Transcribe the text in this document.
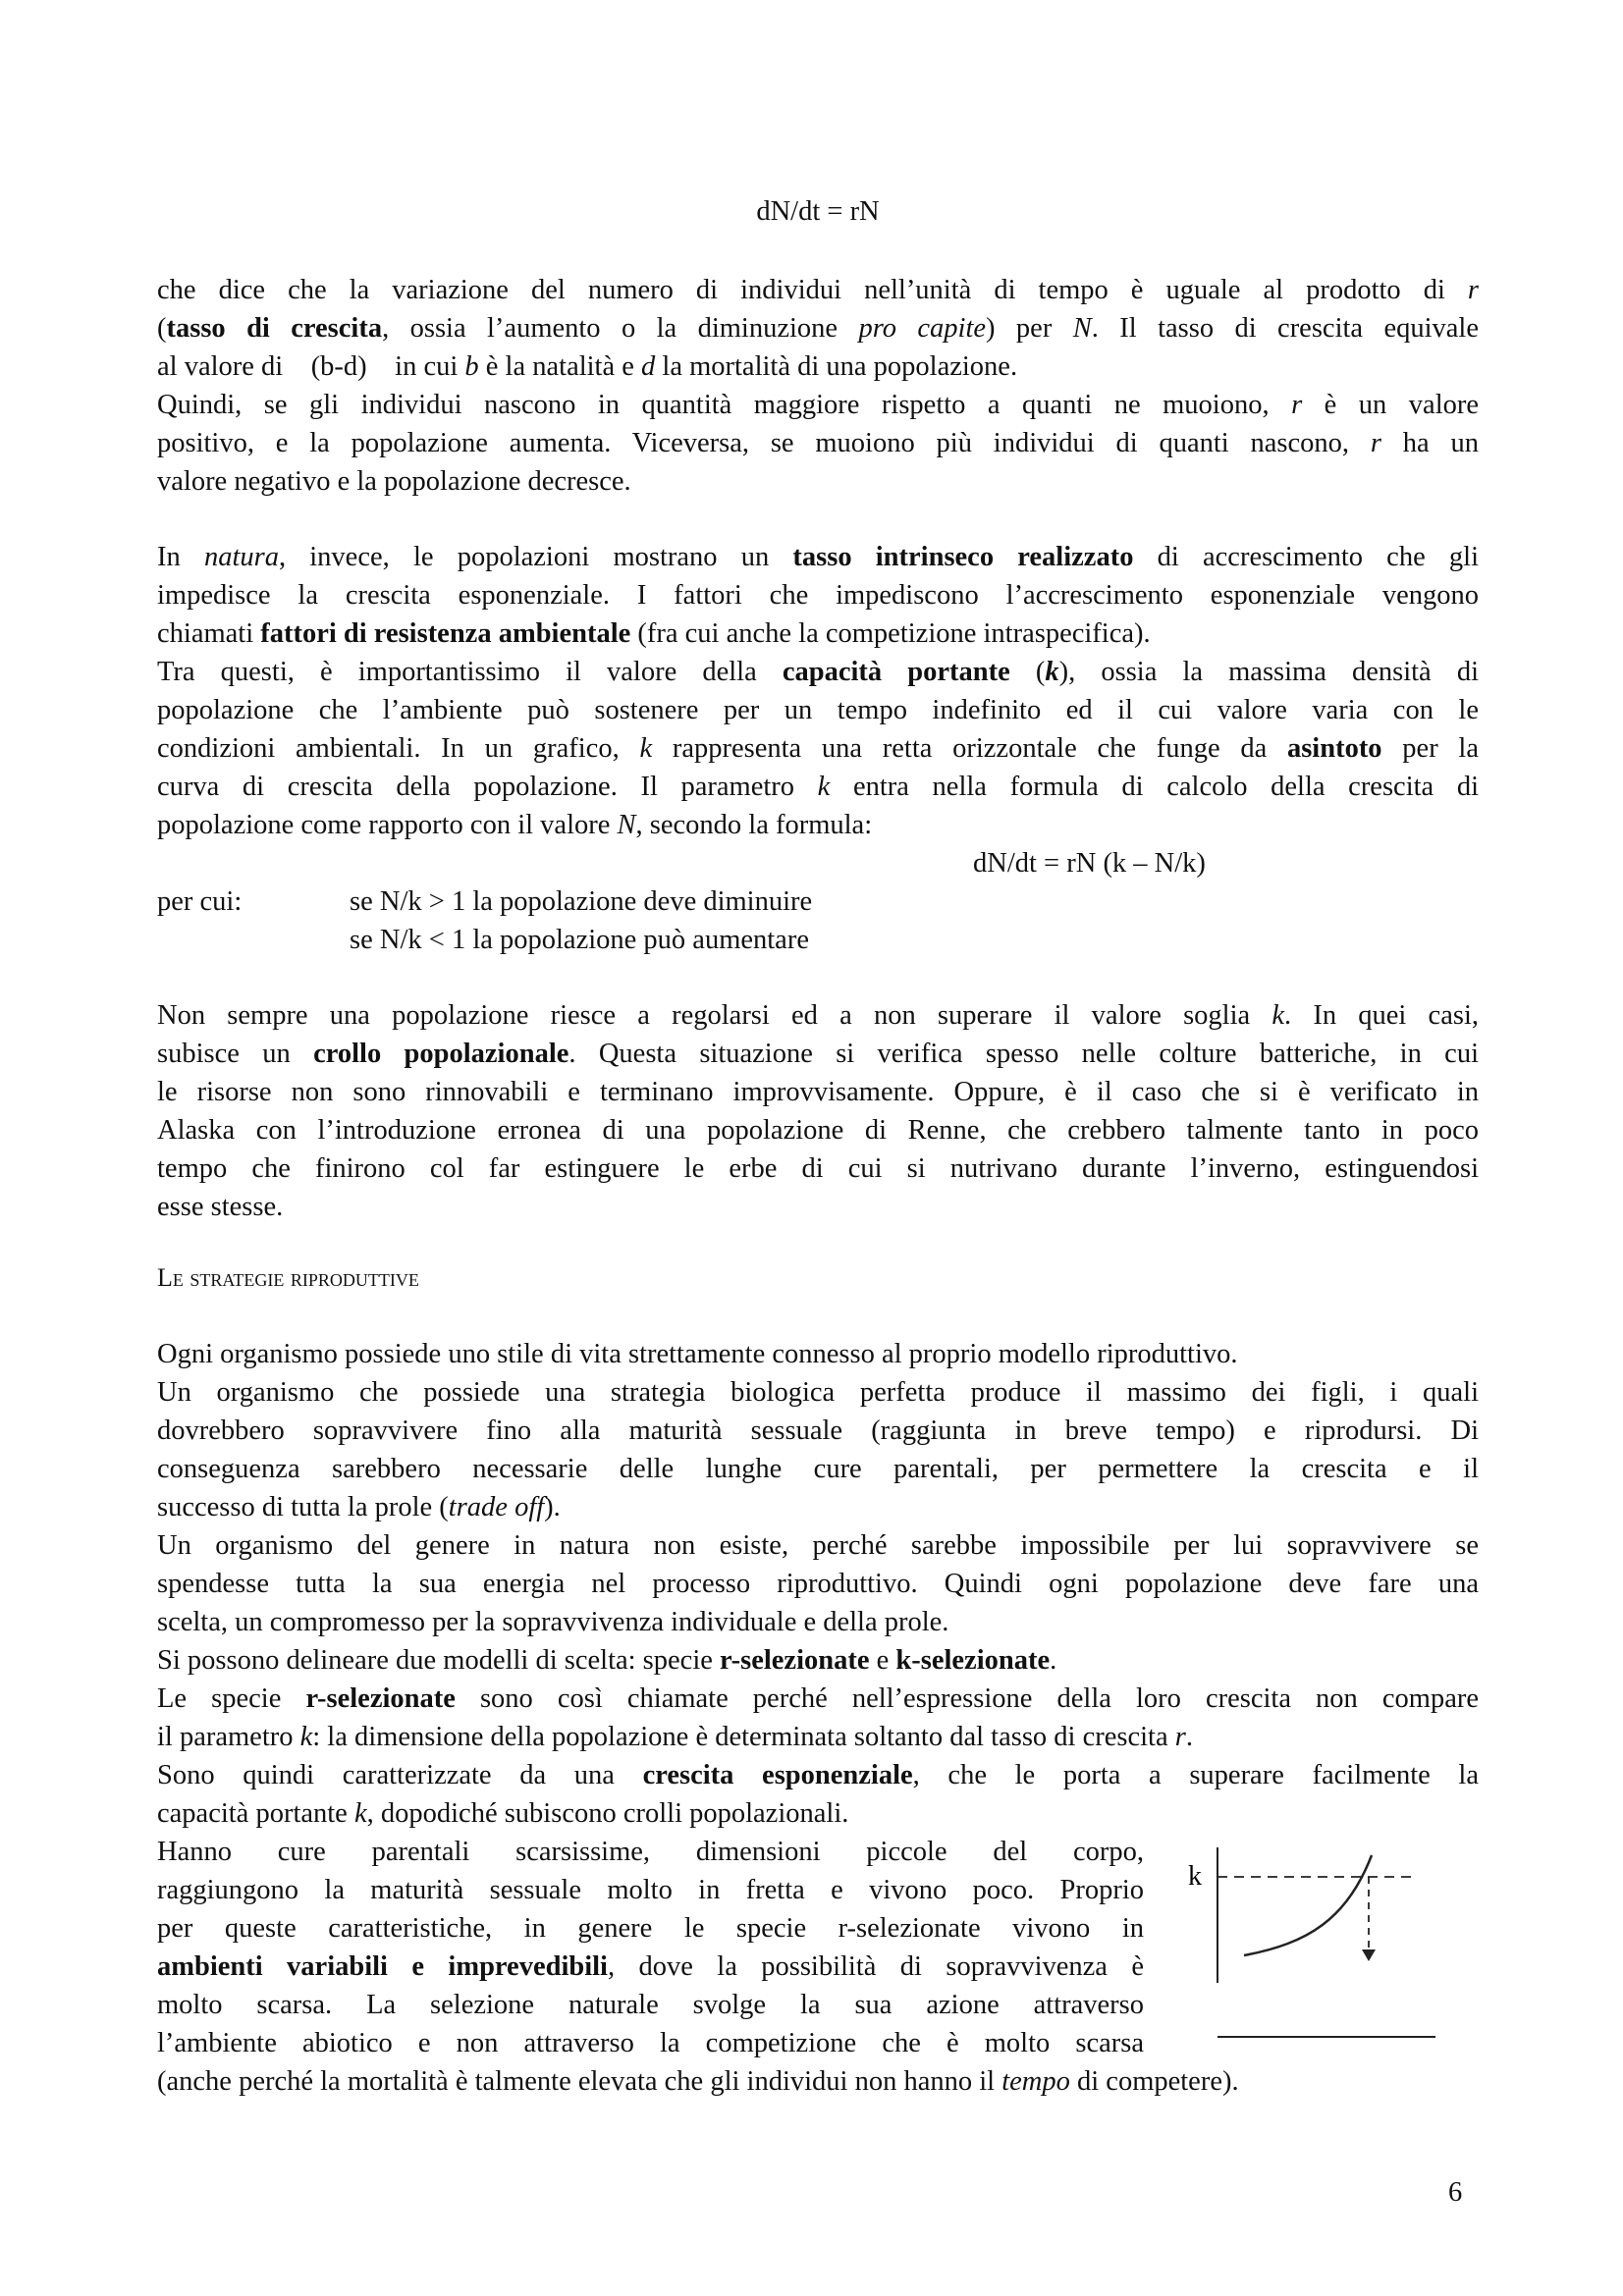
dN/dt = rN
che dice che la variazione del numero di individui nell’unità di tempo è uguale al prodotto di r
(tasso di crescita, ossia l’aumento o la diminuzione pro capite) per N. Il tasso di crescita equivale
al valore di    (b-d)    in cui b è la natalità e d la mortalità di una popolazione.
Quindi, se gli individui nascono in quantità maggiore rispetto a quanti ne muoiono, r è un valore
positivo, e la popolazione aumenta. Viceversa, se muoiono più individui di quanti nascono, r ha un
valore negativo e la popolazione decresce.
In natura, invece, le popolazioni mostrano un tasso intrinseco realizzato di accrescimento che gli
impedisce la crescita esponenziale. I fattori che impediscono l’accrescimento esponenziale vengono
chiamati fattori di resistenza ambientale (fra cui anche la competizione intraspecifica).
Tra questi, è importantissimo il valore della capacità portante (k), ossia la massima densità di
popolazione che l’ambiente può sostenere per un tempo indefinito ed il cui valore varia con le
condizioni ambientali. In un grafico, k rappresenta una retta orizzontale che funge da asintoto per la
curva di crescita della popolazione. Il parametro k entra nella formula di calcolo della crescita di
popolazione come rapporto con il valore N, secondo la formula:
dN/dt = rN (k – N/k)
per cui:	se N/k > 1 la popolazione deve diminuire
se N/k < 1 la popolazione può aumentare
Non sempre una popolazione riesce a regolarsi ed a non superare il valore soglia k. In quei casi,
subisce un crollo popolazionale. Questa situazione si verifica spesso nelle colture batteriche, in cui
le risorse non sono rinnovabili e terminano improvvisamente. Oppure, è il caso che si è verificato in
Alaska con l’introduzione erronea di una popolazione di Renne, che crebbero talmente tanto in poco
tempo che finirono col far estinguere le erbe di cui si nutrivano durante l’inverno, estinguendosi
esse stesse.
Le strategie riproduttive
Ogni organismo possiede uno stile di vita strettamente connesso al proprio modello riproduttivo.
Un organismo che possiede una strategia biologica perfetta produce il massimo dei figli, i quali
dovrebbero sopravvivere fino alla maturità sessuale (raggiunta in breve tempo) e riprodursi. Di
conseguenza sarebbero necessarie delle lunghe cure parentali, per permettere la crescita e il
successo di tutta la prole (trade off).
Un organismo del genere in natura non esiste, perché sarebbe impossibile per lui sopravvivere se
spendesse tutta la sua energia nel processo riproduttivo. Quindi ogni popolazione deve fare una
scelta, un compromesso per la sopravvivenza individuale e della prole.
Si possono delineare due modelli di scelta: specie r-selezionate e k-selezionate.
Le specie r-selezionate sono così chiamate perché nell’espressione della loro crescita non compare
il parametro k: la dimensione della popolazione è determinata soltanto dal tasso di crescita r.
Sono quindi caratterizzate da una crescita esponenziale, che le porta a superare facilmente la
capacità portante k, dopodiché subiscono crolli popolazionali.
Hanno cure parentali scarsissime, dimensioni piccole del corpo,
raggiungono la maturità sessuale molto in fretta e vivono poco. Proprio
per queste caratteristiche, in genere le specie r-selezionate vivono in
ambienti variabili e imprevedibili, dove la possibilità di sopravvivenza è
molto scarsa. La selezione naturale svolge la sua azione attraverso
l’ambiente abiotico e non attraverso la competizione che è molto scarsa
(anche perché la mortalità è talmente elevata che gli individui non hanno il tempo di competere).
k
6
